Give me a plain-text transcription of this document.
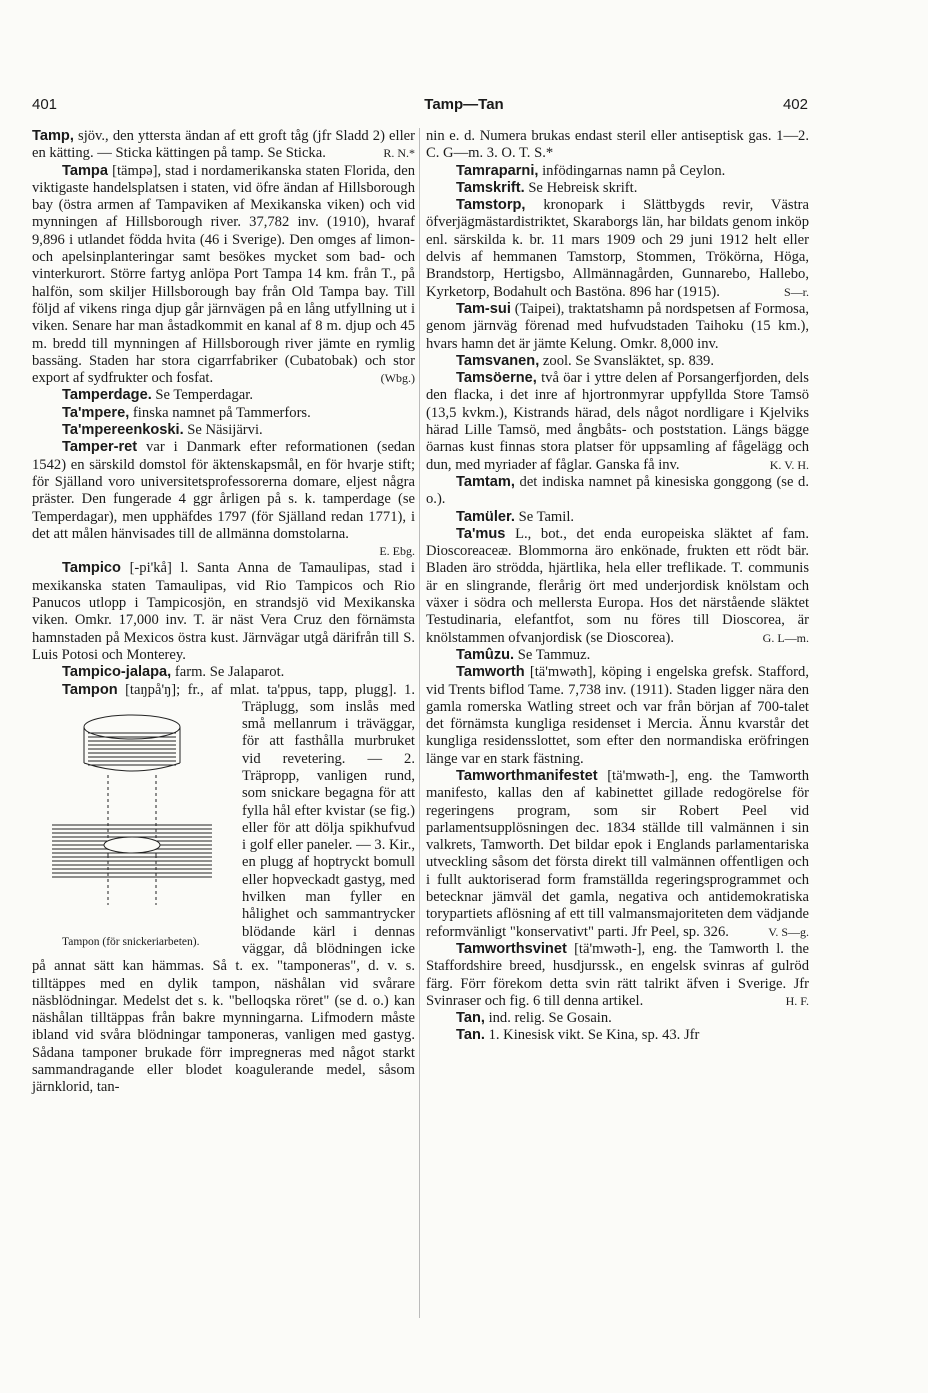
401	Tamp—Tan	402

Tamp, sjöv., den yttersta ändan af ett groft tåg (jfr Sladd 2) eller en kätting. — Sticka kättingen på tamp. Se Sticka.	R. N.*

Tampa [tämpə], stad i nordamerikanska staten Florida, den viktigaste handelsplatsen i staten, vid öfre ändan af Hillsborough bay (östra armen af Tampaviken af Mexikanska viken) och vid mynningen af Hillsborough river. 37,782 inv. (1910), hvaraf 9,896 i utlandet födda hvita (46 i Sverige). Den omges af limon- och apelsinplanteringar samt besökes mycket som bad- och vinterkurort. Större fartyg anlöpa Port Tampa 14 km. från T., på halfön, som skiljer Hillsborough bay från Old Tampa bay. Till följd af vikens ringa djup går järnvägen på en lång utfyllning ut i viken. Senare har man åstadkommit en kanal af 8 m. djup och 45 m. bredd till mynningen af Hillsborough river jämte en rymlig bassäng. Staden har stora cigarrfabriker (Cubatobak) och stor export af sydfrukter och fosfat.	(Wbg.)

Tamperdage. Se Temperdagar.

Ta'mpere, finska namnet på Tammerfors.

Ta'mpereenkoski. Se Näsijärvi.

Tamper-ret var i Danmark efter reformationen (sedan 1542) en särskild domstol för äktenskapsmål, en för hvarje stift; för Själland voro universitetsprofessorerna domare, eljest några präster. Den fungerade 4 ggr årligen på s. k. tamperdage (se Temperdagar), men upphäfdes 1797 (för Själland redan 1771), i det att målen hänvisades till de allmänna domstolarna.
E. Ebg.

Tampico [-pi'kå] l. Santa Anna de Tamaulipas, stad i mexikanska staten Tamaulipas, vid Rio Tampicos och Rio Panucos utlopp i Tampicosjön, en strandsjö vid Mexikanska viken. Omkr. 17,000 inv. T. är näst Vera Cruz den förnämsta hamnstaden på Mexicos östra kust. Järnvägar utgå därifrån till S. Luis Potosi och Monterey.

Tampico-jalapa, farm. Se Jalaparot.

Tampon [taŋpå'ŋ]; fr., af mlat. ta'ppus, tapp, plugg]. 1. Träplugg,
Tampon (för snickeriarbeten).
som inslås med små mellanrum i träväggar, för att fasthålla murbruket vid revetering. — 2. Träpropp, vanligen rund, som snickare begagna för att fylla hål efter kvistar (se fig.) eller för att dölja spikhufvud i golf eller paneler. — 3. Kir., en plugg af hoptryckt bomull eller hopveckadt gastyg, med hvilken man fyller en hålighet och sammantrycker blödande kärl i dennas väggar, då blödningen icke på annat sätt kan hämmas. Så t. ex. "tamponeras", d. v. s. tilltäppes med en dylik tampon, näshålan vid svårare näsblödningar. Medelst det s. k. "belloqska röret" (se d. o.) kan näshålan tilltäppas från bakre mynningarna. Lifmodern måste ibland vid svåra blödningar tamponeras, vanligen med gastyg. Sådana tamponer brukade förr impregneras med något starkt sammandragande eller blodet koagulerande medel, såsom järnklorid, tan-

nin e. d. Numera brukas endast steril eller antiseptisk gas. 1—2. C. G—m. 3. O. T. S.*

Tamraparni, infödingarnas namn på Ceylon.

Tamskrift. Se Hebreisk skrift.

Tamstorp, kronopark i Slättbygds revir, Västra öfverjägmästardistriktet, Skaraborgs län, har bildats genom inköp enl. särskilda k. br. 11 mars 1909 och 29 juni 1912 helt eller delvis af hemmanen Tamstorp, Stommen, Trökörna, Höga, Brandstorp, Hertigsbo, Allmännagården, Gunnarebo, Hallebo, Kyrketorp, Bodahult och Bastöna. 896 har (1915).	S—r.

Tam-sui (Taipei), traktatshamn på nordspetsen af Formosa, genom järnväg förenad med hufvudstaden Taihoku (15 km.), hvars hamn det är jämte Kelung. Omkr. 8,000 inv.

Tamsvanen, zool. Se Svansläktet, sp. 839.

Tamsöerne, två öar i yttre delen af Porsangerfjorden, dels den flacka, i det inre af hjortronmyrar uppfyllda Store Tamsö (13,5 kvkm.), Kistrands härad, dels något nordligare i Kjelviks härad Lille Tamsö, med ångbåts- och poststation. Längs bägge öarnas kust finnas stora platser för uppsamling af fågelägg och dun, med myriader af fåglar. Ganska få inv.	K. V. H.

Tamtam, det indiska namnet på kinesiska gonggong (se d. o.).

Tamüler. Se Tamil.

Ta'mus L., bot., det enda europeiska släktet af fam. Dioscoreaceæ. Blommorna äro enkönade, frukten ett rödt bär. Bladen äro strödda, hjärtlika, hela eller treflikade. T. communis är en slingrande, flerårig ört med underjordisk knölstam och växer i södra och mellersta Europa. Hos det närstående släktet Testudinaria, elefantfot, som nu föres till Dioscorea, är knölstammen ofvanjordisk (se Dioscorea).	G. L—m.

Tamûzu. Se Tammuz.

Tamworth [tä'mwəth], köping i engelska grefsk. Stafford, vid Trents biflod Tame. 7,738 inv. (1911). Staden ligger nära den gamla romerska Watling street och var från början af 700-talet det förnämsta kungliga residenset i Mercia. Ännu kvarstår det kungliga residensslottet, som efter den normandiska eröfringen länge var en stark fästning.

Tamworthmanifestet [tä'mwəth-], eng. the Tamworth manifesto, kallas den af kabinettet gillade redogörelse för regeringens program, som sir Robert Peel vid parlamentsupplösningen dec. 1834 ställde till valmännen i sin valkrets, Tamworth. Det bildar epok i Englands parlamentariska utveckling såsom det första direkt till valmännen offentligen och i fullt auktoriserad form framställda regeringsprogrammet och betecknar jämväl det gamla, negativa och antidemokratiska torypartiets aflösning af ett till valmansmajoriteten dem vädjande reformvänligt "konservativt" parti. Jfr Peel, sp. 326.	V. S—g.

Tamworthsvinet [tä'mwəth-], eng. the Tamworth l. the Staffordshire breed, husdjurssk., en engelsk svinras af gulröd färg. Förr förekom detta svin rätt talrikt äfven i Sverige. Jfr Svinraser och fig. 6 till denna artikel.	H. F.

Tan, ind. relig. Se Gosain.

Tan. 1. Kinesisk vikt. Se Kina, sp. 43. Jfr
